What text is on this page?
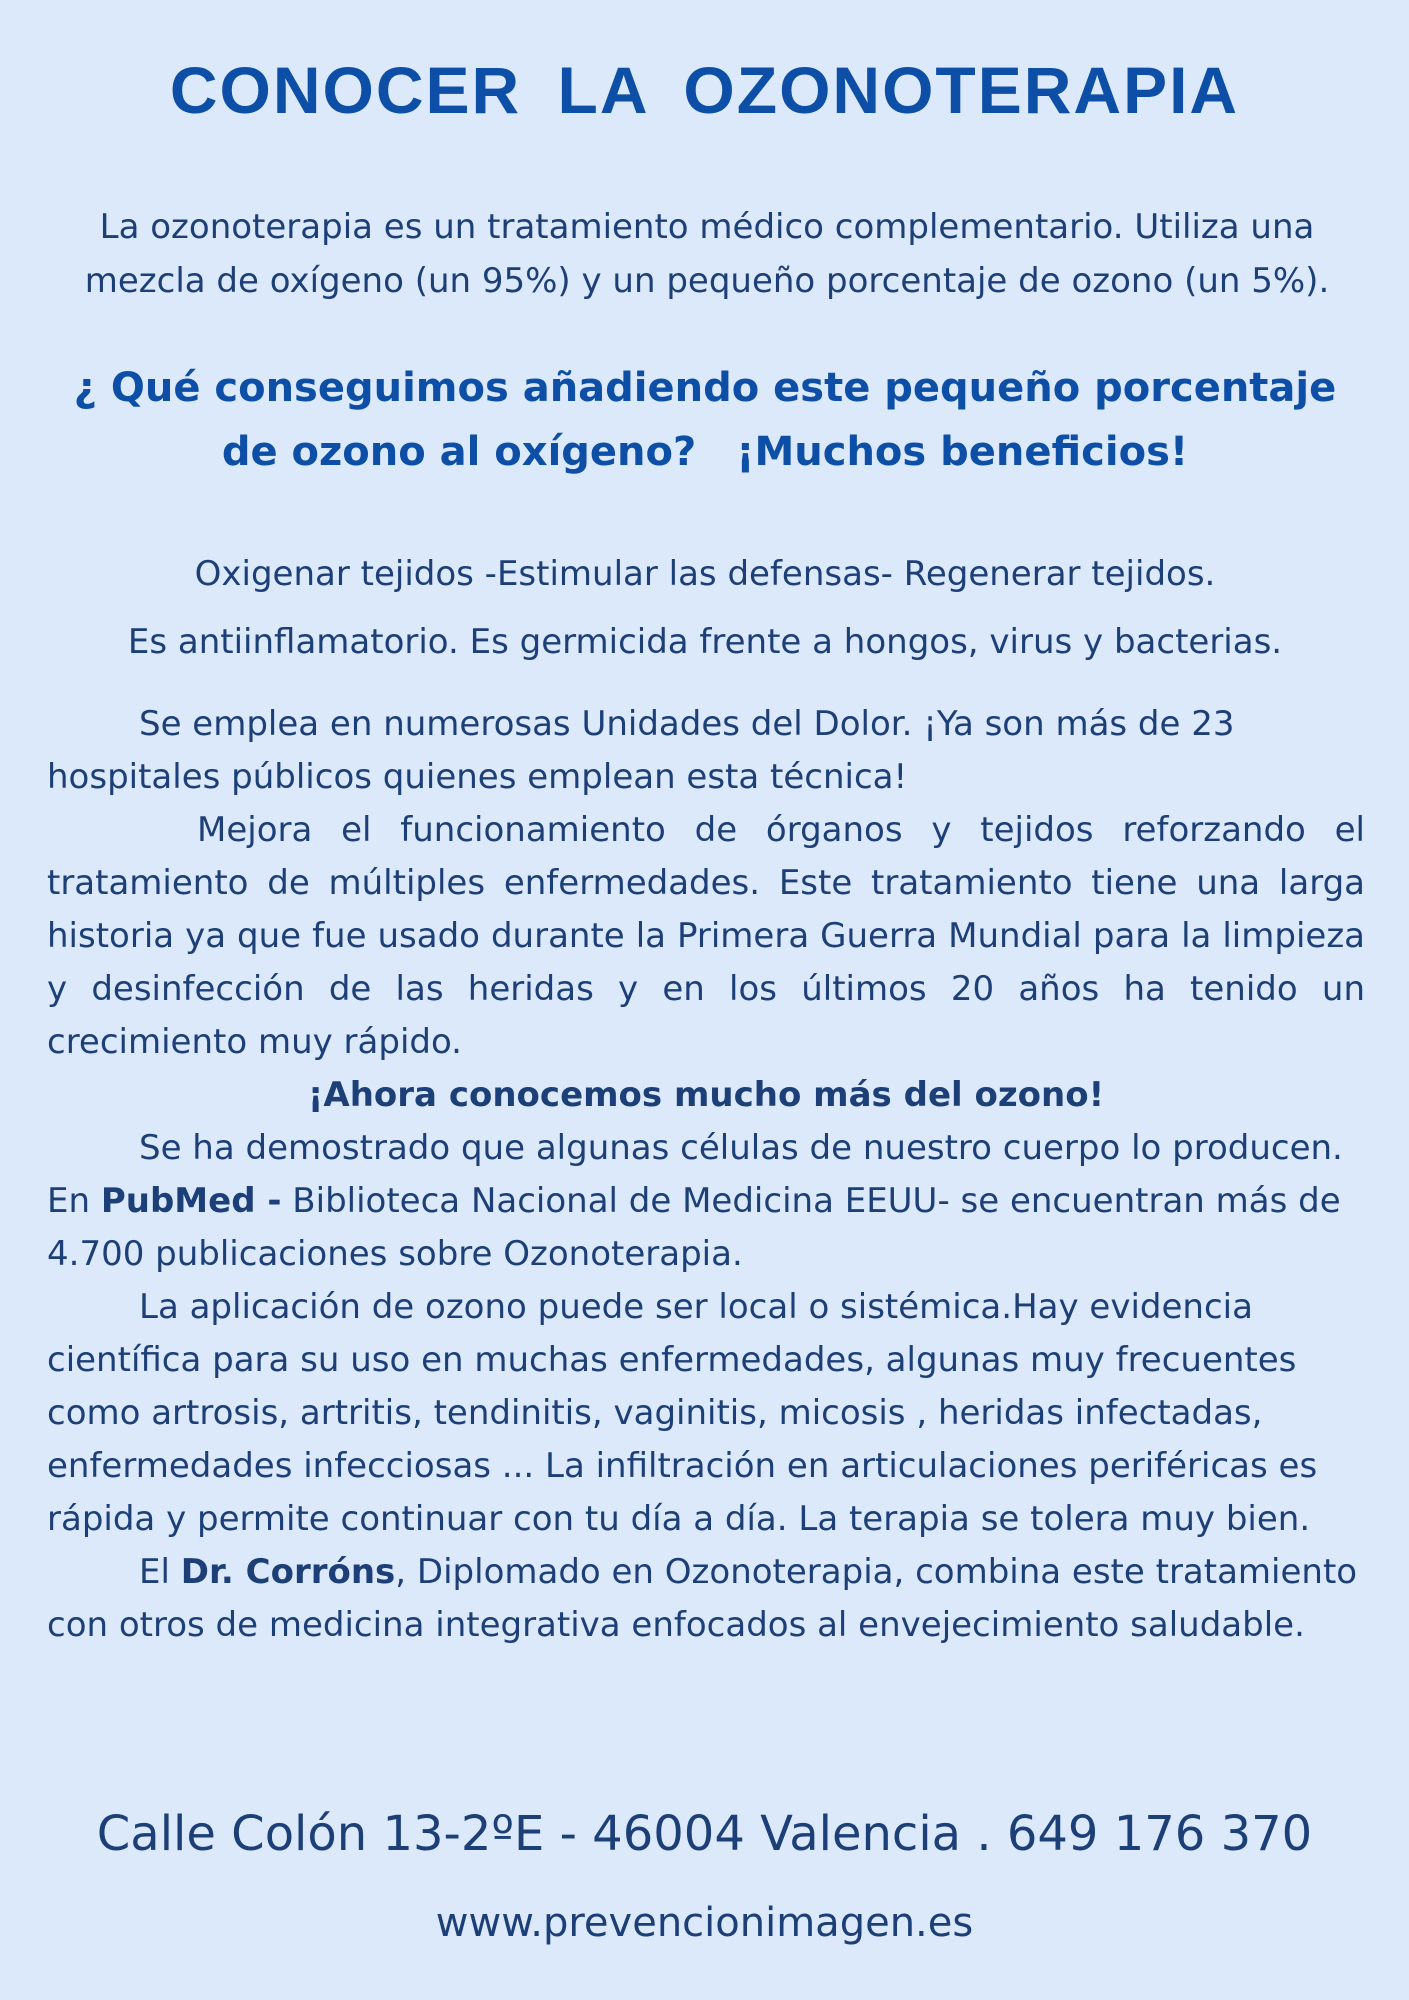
CONOCER LA OZONOTERAPIA
La ozonoterapia es un tratamiento médico complementario. Utiliza una
mezcla de oxígeno (un 95%) y un pequeño porcentaje de ozono (un 5%).
¿ Qué conseguimos añadiendo este pequeño porcentaje
de ozono al oxígeno? ¡Muchos beneficios!
Oxigenar tejidos -Estimular las defensas- Regenerar tejidos.
Es antiinflamatorio. Es germicida frente a hongos, virus y bacterias.

Se emplea en numerosas Unidades del Dolor. ¡Ya son más de 23 hospitales públicos quienes emplean esta técnica!

Mejora el funcionamiento de órganos y tejidos reforzando el tratamiento de múltiples enfermedades. Este tratamiento tiene una larga historia ya que fue usado durante la Primera Guerra Mundial para la limpieza y desinfección de las heridas y en los últimos 20 años ha tenido un crecimiento muy rápido.

¡Ahora conocemos mucho más del ozono!

Se ha demostrado que algunas células de nuestro cuerpo lo producen. En PubMed - Biblioteca Nacional de Medicina EEUU- se encuentran más de 4.700 publicaciones sobre Ozonoterapia.

La aplicación de ozono puede ser local o sistémica.Hay evidencia científica para su uso en muchas enfermedades, algunas muy frecuentes como artrosis, artritis, tendinitis, vaginitis, micosis , heridas infectadas, enfermedades infecciosas ... La infiltración en articulaciones periféricas es rápida y permite continuar con tu día a día. La terapia se tolera muy bien.

El Dr. Corróns, Diplomado en Ozonoterapia, combina este tratamiento con otros de medicina integrativa enfocados al envejecimiento saludable.

Calle Colón 13-2ºE - 46004 Valencia . 649 176 370
www.prevencionimagen.es
